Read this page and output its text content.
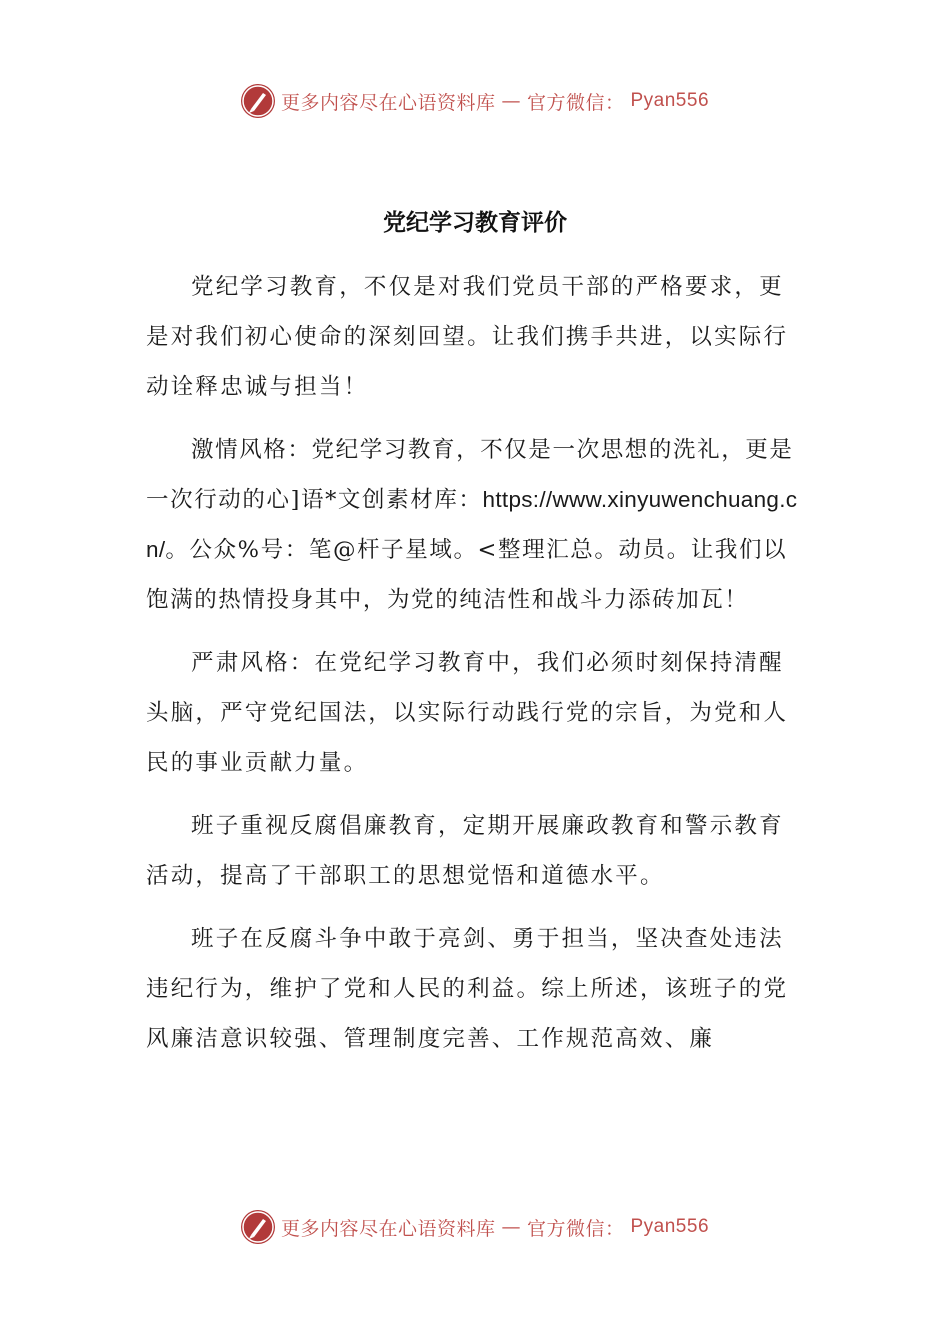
更多内容尽在心语资料库 — 官方微信： Pyan556
党纪学习教育评价

党纪学习教育，不仅是对我们党员干部的严格要求，更是对我们初心使命的深刻回望。让我们携手共进，以实际行动诠释忠诚与担当！

激情风格：党纪学习教育，不仅是一次思想的洗礼，更是一次行动的心]语*文创素材库：https://www.xinyuwenchuang.cn/。公众%号：笔@杆子星域。<整理汇总。动员。让我们以饱满的热情投身其中，为党的纯洁性和战斗力添砖加瓦！

严肃风格：在党纪学习教育中，我们必须时刻保持清醒头脑，严守党纪国法，以实际行动践行党的宗旨，为党和人民的事业贡献力量。

班子重视反腐倡廉教育，定期开展廉政教育和警示教育活动，提高了干部职工的思想觉悟和道德水平。

班子在反腐斗争中敢于亮剑、勇于担当，坚决查处违法违纪行为，维护了党和人民的利益。综上所述，该班子的党风廉洁意识较强、管理制度完善、工作规范高效、廉

更多内容尽在心语资料库 — 官方微信： Pyan556
